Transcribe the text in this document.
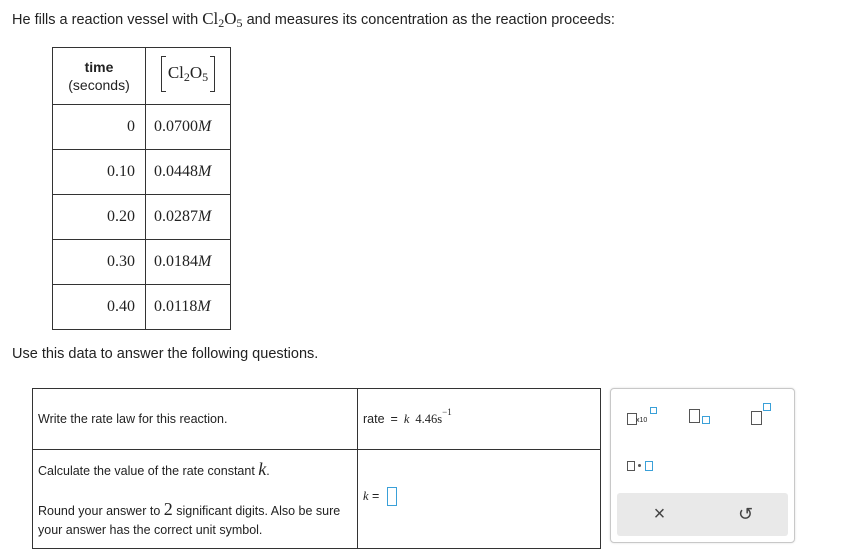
He fills a reaction vessel with $Cl_2O_5$ and measures its concentration as the reaction proceeds:
time
(seconds)	$Cl_2O_5$

0	0.0700M
0.10	0.0448M
0.20	0.0287M
0.30	0.0184M
0.40	0.0118M
Use this data to answer the following questions.
Write the rate law for this reaction.	rate = k $4.46s^{-1}$

Calculate the value of the rate constant k.
Round your answer to 2 significant digits. Also be sure your answer has the correct unit symbol.	k =
x10
×	↺
